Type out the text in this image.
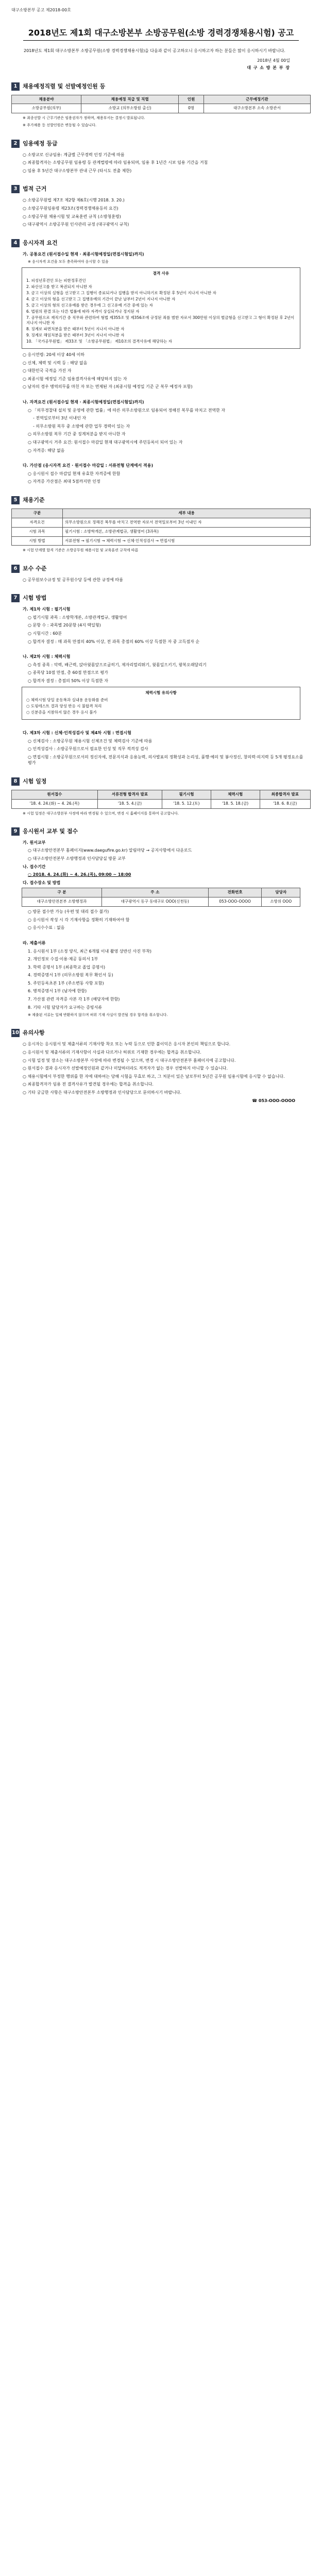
대구소방본부 공고 제2018-00호
2018년도 제1회 대구소방본부 소방공무원(소방 경력경쟁채용시험) 공고
2018년도 제1회 대구소방본부 소방공무원(소방 경력경쟁채용시험)을 다음과 같이 공고하오니 응시하고자 하는 분들은 많이 응시하시기 바랍니다.
2018년 4월 00일
대 구 소 방 본 부 장
1 채용예정직렬 및 선발예정인원 등
채용분야	채용예정 직급 및 직렬	인원	근무예정기관
소방공무원(의무)	소방교 (의무소방원 출신)	0명	대구소방본부 소속 소방관서
※ 최종선발 시 근무기관은 임용권자가 정하며, 채용부서는 결정시 발표됩니다.
※ 추가채용 등 선발인원은 변동될 수 있습니다.
2 임용예정 등급
○ 소방교로 신규임용: 계급별 근무경력 인정 기준에 따름
○ 최종합격자는 소방공무원 임용령 등 관계법령에 따라 임용되며, 임용 후 1년간 시보 임용 기간을 거침
○ 임용 후 5년간 대구소방본부 관내 근무 (타시도 전출 제한)
3 법적 근거
○ 소방공무원법 제7조 제2항 제6호(시행 2018. 3. 20.)
○ 소방공무원임용령 제23조(경력경쟁채용등의 요건)
○ 소방공무원 채용시험 및 교육훈련 규칙 (소방청훈령)
○ 대구광역시 소방공무원 인사관리 규정 (대구광역시 규칙)
4 응시자격 요건
가. 공통요건 (원서접수일 현재 · 최종시험예정일(면접시험일)까지)
※ 응시자격 요건을 모두 충족하여야 응시할 수 있음
결격 사유

1. 피성년후견인 또는 피한정후견인

2. 파산선고를 받고 복권되지 아니한 자

3. 금고 이상의 실형을 선고받고 그 집행이 종료되거나 집행을 받지 아니하기로 확정된 후 5년이 지나지 아니한 자

4. 금고 이상의 형을 선고받고 그 집행유예의 기간이 끝난 날부터 2년이 지나지 아니한 자

5. 금고 이상의 형의 선고유예를 받은 경우에 그 선고유예 기간 중에 있는 자

6. 법원의 판결 또는 다른 법률에 따라 자격이 상실되거나 정지된 자

7. 공무원으로 재직기간 중 직무와 관련하여 형법 제355조 및 제356조에 규정된 죄를 범한 자로서 300만원 이상의 벌금형을 선고받고 그 형이 확정된 후 2년이 지나지 아니한 자

8. 징계로 파면처분을 받은 때부터 5년이 지나지 아니한 자

9. 징계로 해임처분을 받은 때부터 3년이 지나지 아니한 자

10. 「국가공무원법」 제33조 및 「소방공무원법」 제10조의 결격사유에 해당하는 자

○ 응시연령: 20세 이상 40세 이하
○ 신체, 체력 및 시력 등 : 해당 없음
○ 대한민국 국적을 가진 자
○ 최종시험 예정일 기준 임용결격사유에 해당하지 않는 자
○ 남자의 경우 병역의무를 마친 자 또는 면제된 자 (최종시험 예정일 기준 군 복무 예정자 포함)
나. 자격요건 (원서접수일 현재 · 최종시험예정일(면접시험일)까지)
○ 「의무경찰대 설치 및 운영에 관한 법률」에 따른 의무소방원으로 임용되어 정해진 복무를 마치고 전역한 자
- 전역일로부터 3년 이내인 자
- 의무소방원 복무 중 소방에 관한 업무 경력이 있는 자
○ 의무소방원 복무 기간 중 징계처분을 받지 아니한 자
○ 대구광역시 거주 요건: 원서접수 마감일 현재 대구광역시에 주민등록이 되어 있는 자
○ 자격증: 해당 없음
다. 가산점 (응시자격 요건 · 원서접수 마감일 : 서류전형 단계에서 적용)
○ 응시원서 접수 마감일 현재 유효한 자격증에 한함
○ 자격증 가산점은 최대 5점까지만 인정
5 채용기준
구분	세부 내용
자격요건	의무소방원으로 정해진 복무를 마치고 전역한 자로서 전역일로부터 3년 이내인 자
시험 과목	필기시험 : 소방학개론, 소방관계법규, 생활영어 (3과목)
시험 방법	서류전형 → 필기시험 → 체력시험 → 신체·인적성검사 → 면접시험
※ 시험 단계별 합격 기준은 소방공무원 채용시험 및 교육훈련 규칙에 따름
6 보수 수준
○ 공무원보수규정 및 공무원수당 등에 관한 규정에 따름
7 시험 방법
가. 제1차 시험 : 필기시험
○ 필기시험 과목 : 소방학개론, 소방관계법규, 생활영어
○ 문항 수 : 과목별 20문항 (4지 택일형)
○ 시험시간 : 60분
○ 합격자 결정 : 매 과목 만점의 40% 이상, 전 과목 총점의 60% 이상 득점한 자 중 고득점자 순
나. 제2차 시험 : 체력시험
○ 측정 종목 : 악력, 배근력, 앉아윗몸앞으로굽히기, 제자리멀리뛰기, 윗몸일으키기, 왕복오래달리기
○ 종목당 10점 만점, 총 60점 만점으로 평가
○ 합격자 결정 : 총점의 50% 이상 득점한 자
체력시험 유의사항

○ 체력시험 당일 운동복과 실내용 운동화를 준비

○ 도핑테스트 결과 양성 반응 시 불합격 처리

○ 신분증을 지참하지 않은 경우 응시 불가

다. 제3차 시험 : 신체·인적성검사 및 제4차 시험 : 면접시험
○ 신체검사 : 소방공무원 채용시험 신체조건 및 체력검사 기준에 따름
○ 인적성검사 : 소방공무원으로서 필요한 인성 및 직무 적격성 검사
○ 면접시험 : 소방공무원으로서의 정신자세, 전문지식과 응용능력, 의사발표의 정확성과 논리성, 품행·예의 및 봉사정신, 창의력·의지력 등 5개 평정요소를 평가
8 시험 일정
원서접수	서류전형 합격자 발표	필기시험	체력시험	최종합격자 발표
'18. 4. 24.(화) ~ 4. 26.(목)	'18. 5. 4.(금)	'18. 5. 12.(토)	'18. 5. 18.(금)	'18. 6. 8.(금)
※ 시험 일정은 대구소방본부 사정에 따라 변경될 수 있으며, 변경 시 홈페이지를 통하여 공고합니다.
9 응시원서 교부 및 접수
가. 원서교부
○ 대구소방안전본부 홈페이지(www.daegufire.go.kr) 알림마당 → 공지사항에서 다운로드
○ 대구소방안전본부 소방행정과 인사담당실 방문 교부
나. 접수기간
○ 2018. 4. 24.(화) ~ 4. 26.(목), 09:00 ~ 18:00
다. 접수장소 및 방법
구 분	주 소	전화번호	담당자
대구소방안전본부 소방행정과	대구광역시 동구 동대구로 OOO(신천동)	053-OOO-OOOO	소방위 OOO
○ 방문 접수만 가능 (우편 및 대리 접수 불가)
○ 응시원서 작성 시 각 기재사항을 정확히 기재하여야 함
○ 응시수수료 : 없음
라. 제출서류
1. 응시원서 1부 (소정 양식, 최근 6개월 이내 촬영 상반신 사진 부착)
2. 개인정보 수집·이용·제공 동의서 1부
3. 학력 증명서 1부 (최종학교 졸업 증명서)
4. 경력증명서 1부 (의무소방원 복무 확인서 등)
5. 주민등록초본 1부 (주소변동 사항 포함)
6. 병적증명서 1부 (남자에 한함)
7. 가산점 관련 자격증 사본 각 1부 (해당자에 한함)
8. 기타 시험 담당자가 요구하는 증빙서류
※ 제출된 서류는 일체 반환하지 않으며 허위 기재 사실이 발견될 경우 합격을 취소합니다.
10 유의사항
○ 응시자는 응시원서 및 제출서류의 기재사항 착오 또는 누락 등으로 인한 불이익은 응시자 본인의 책임으로 합니다.
○ 응시원서 및 제출서류의 기재사항이 사실과 다르거나 허위로 기재한 경우에는 합격을 취소합니다.
○ 시험 일정 및 장소는 대구소방본부 사정에 따라 변경될 수 있으며, 변경 시 대구소방안전본부 홈페이지에 공고합니다.
○ 원서접수 결과 응시자가 선발예정인원과 같거나 미달하더라도 적격자가 없는 경우 선발하지 아니할 수 있습니다.
○ 채용시험에서 부정한 행위를 한 자에 대하여는 당해 시험을 무효로 하고, 그 처분이 있은 날로부터 5년간 공무원 임용시험에 응시할 수 없습니다.
○ 최종합격자가 임용 전 결격사유가 발견될 경우에는 합격을 취소합니다.
○ 기타 궁금한 사항은 대구소방안전본부 소방행정과 인사담당으로 문의하시기 바랍니다.
☎ 053-OOO-OOOO
